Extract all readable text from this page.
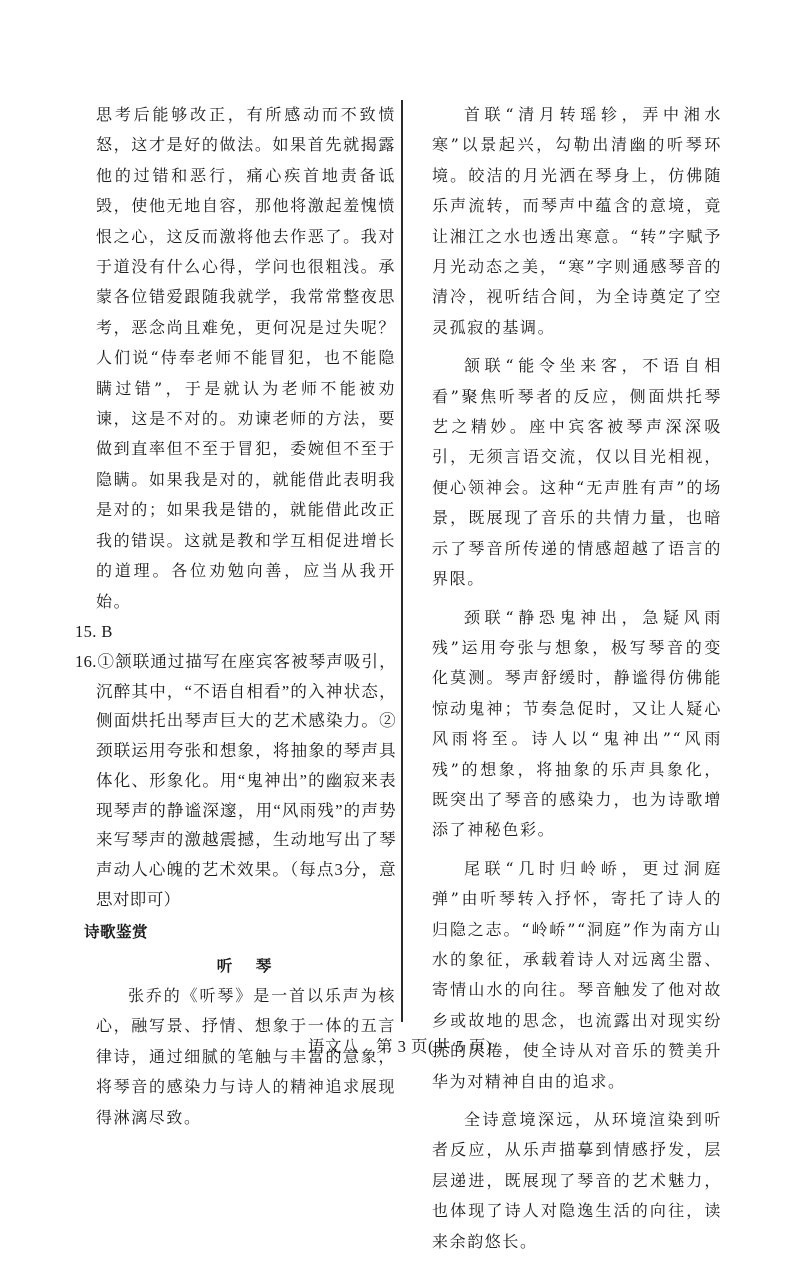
思考后能够改正，有所感动而不致愤怒，这才是好的做法。如果首先就揭露他的过错和恶行，痛心疾首地责备诋毁，使他无地自容，那他将激起羞愧愤恨之心，这反而激将他去作恶了。我对于道没有什么心得，学问也很粗浅。承蒙各位错爱跟随我就学，我常常整夜思考，恶念尚且难免，更何况是过失呢？人们说“侍奉老师不能冒犯，也不能隐瞒过错”，于是就认为老师不能被劝谏，这是不对的。劝谏老师的方法，要做到直率但不至于冒犯，委婉但不至于隐瞒。如果我是对的，就能借此表明我是对的；如果我是错的，就能借此改正我的错误。这就是教和学互相促进增长的道理。各位劝勉向善，应当从我开始。

15. B

16.①颔联通过描写在座宾客被琴声吸引，沉醉其中，“不语自相看”的入神状态，侧面烘托出琴声巨大的艺术感染力。②颈联运用夸张和想象，将抽象的琴声具体化、形象化。用“鬼神出”的幽寂来表现琴声的静谧深邃，用“风雨残”的声势来写琴声的激越震撼，生动地写出了琴声动人心魄的艺术效果。（每点3分，意思对即可）

诗歌鉴赏
听　琴

张乔的《听琴》是一首以乐声为核心，融写景、抒情、想象于一体的五言律诗，通过细腻的笔触与丰富的意象，将琴音的感染力与诗人的精神追求展现得淋漓尽致。

首联“清月转瑶轸，弄中湘水寒”以景起兴，勾勒出清幽的听琴环境。皎洁的月光洒在琴身上，仿佛随乐声流转，而琴声中蕴含的意境，竟让湘江之水也透出寒意。“转”字赋予月光动态之美，“寒”字则通感琴音的清冷，视听结合间，为全诗奠定了空灵孤寂的基调。

颔联“能令坐来客，不语自相看”聚焦听琴者的反应，侧面烘托琴艺之精妙。座中宾客被琴声深深吸引，无须言语交流，仅以目光相视，便心领神会。这种“无声胜有声”的场景，既展现了音乐的共情力量，也暗示了琴音所传递的情感超越了语言的界限。

颈联“静恐鬼神出，急疑风雨残”运用夸张与想象，极写琴音的变化莫测。琴声舒缓时，静谧得仿佛能惊动鬼神；节奏急促时，又让人疑心风雨将至。诗人以“鬼神出”“风雨残”的想象，将抽象的乐声具象化，既突出了琴音的感染力，也为诗歌增添了神秘色彩。

尾联“几时归岭峤，更过洞庭弹”由听琴转入抒怀，寄托了诗人的归隐之志。“岭峤”“洞庭”作为南方山水的象征，承载着诗人对远离尘嚣、寄情山水的向往。琴音触发了他对故乡或故地的思念，也流露出对现实纷扰的厌倦，使全诗从对音乐的赞美升华为对精神自由的追求。

全诗意境深远，从环境渲染到听者反应，从乐声描摹到情感抒发，层层递进，既展现了琴音的艺术魅力，也体现了诗人对隐逸生活的向往，读来余韵悠长。

语文八　第 3 页(共 5 页)
